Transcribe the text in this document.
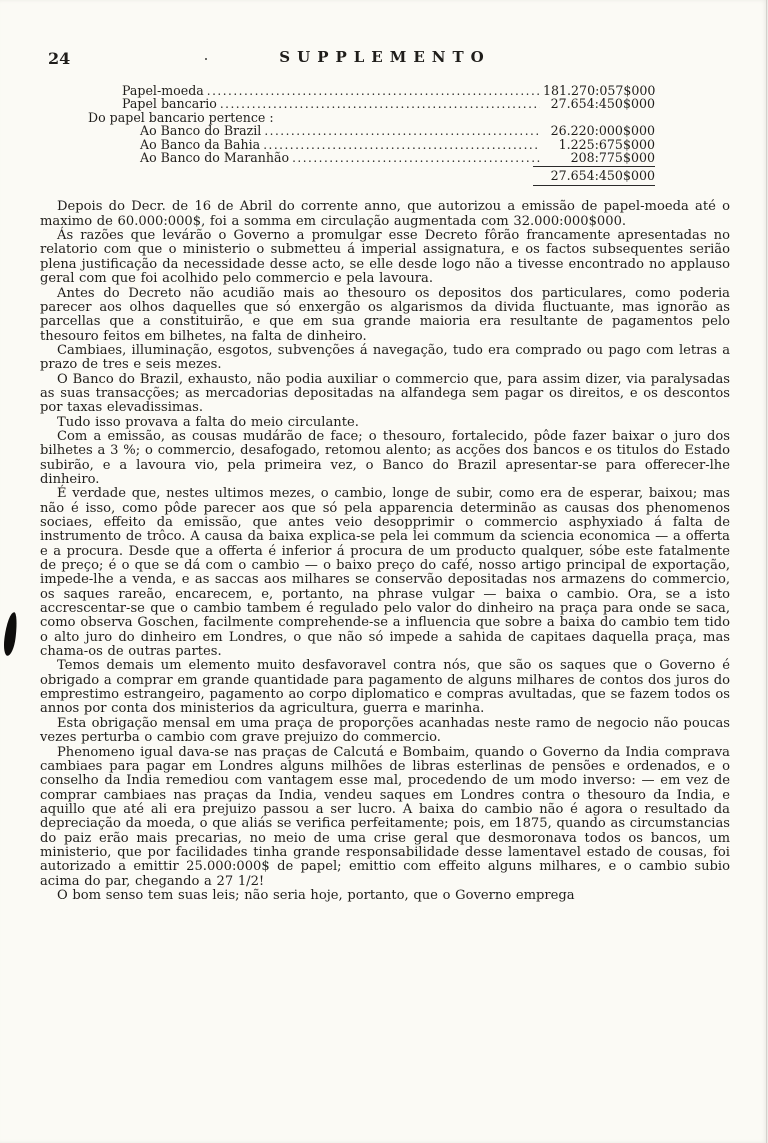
24	SUPPLEMENTO
Papel-moeda .....	181.270:057$000
Papel bancario .....	27.654:450$000
Do papel bancario pertence :
Ao Banco do Brazil .....	26.220:000$000
Ao Banco da Bahia .....	1.225:675$000
Ao Banco do Maranhão .....	208:775$000
27.654:450$000

Depois do Decr. de 16 de Abril do corrente anno, que autorizou a emissão de papel-moeda até o maximo de 60.000:000$, foi a somma em circulação augmentada com 32.000:000$000.

Ás razões que levárão o Governo a promulgar esse Decreto fôrão francamente apresentadas no relatorio com que o ministerio o submetteu á imperial assignatura, e os factos subsequentes serião plena justificação da necessidade desse acto, se elle desde logo não a tivesse encontrado no applauso geral com que foi acolhido pelo commercio e pela lavoura.

Antes do Decreto não acudião mais ao thesouro os depositos dos particulares, como poderia parecer aos olhos daquelles que só enxergão os algarismos da divida fluctuante, mas ignorão as parcellas que a constituirão, e que em sua grande maioria era resultante de pagamentos pelo thesouro feitos em bilhetes, na falta de dinheiro.

Cambiaes, illuminação, esgotos, subvenções á navegação, tudo era comprado ou pago com letras a prazo de tres e seis mezes.

O Banco do Brazil, exhausto, não podia auxiliar o commercio que, para assim dizer, via paralysadas as suas transacções; as mercadorias depositadas na alfandega sem pagar os direitos, e os descontos por taxas elevadissimas.

Tudo isso provava a falta do meio circulante.

Com a emissão, as cousas mudárão de face; o thesouro, fortalecido, pôde fazer baixar o juro dos bilhetes a 3 %; o commercio, desafogado, retomou alento; as acções dos bancos e os titulos do Estado subirão, e a lavoura vio, pela primeira vez, o Banco do Brazil apresentar-se para offerecer-lhe dinheiro.

É verdade que, nestes ultimos mezes, o cambio, longe de subir, como era de esperar, baixou; mas não é isso, como pôde parecer aos que só pela apparencia determinão as causas dos phenomenos sociaes, effeito da emissão, que antes veio desopprimir o commercio asphyxiado á falta de instrumento de trôco. A causa da baixa explica-se pela lei commum da sciencia economica — a offerta e a procura. Desde que a offerta é inferior á procura de um producto qualquer, sóbe este fatalmente de preço; é o que se dá com o cambio — o baixo preço do café, nosso artigo principal de exportação, impede-lhe a venda, e as saccas aos milhares se conservão depositadas nos armazens do commercio, os saques rareão, encarecem, e, portanto, na phrase vulgar — baixa o cambio. Ora, se a isto accrescentar-se que o cambio tambem é regulado pelo valor do dinheiro na praça para onde se saca, como observa Goschen, facilmente comprehende-se a influencia que sobre a baixa do cambio tem tido o alto juro do dinheiro em Londres, o que não só impede a sahida de capitaes daquella praça, mas chama-os de outras partes.

Temos demais um elemento muito desfavoravel contra nós, que são os saques que o Governo é obrigado a comprar em grande quantidade para pagamento de alguns milhares de contos dos juros do emprestimo estrangeiro, pagamento ao corpo diplomatico e compras avultadas, que se fazem todos os annos por conta dos ministerios da agricultura, guerra e marinha.

Esta obrigação mensal em uma praça de proporções acanhadas neste ramo de negocio não poucas vezes perturba o cambio com grave prejuizo do commercio.

Phenomeno igual dava-se nas praças de Calcutá e Bombaim, quando o Governo da India comprava cambiaes para pagar em Londres alguns milhões de libras esterlinas de pensões e ordenados, e o conselho da India remediou com vantagem esse mal, procedendo de um modo inverso: — em vez de comprar cambiaes nas praças da India, vendeu saques em Londres contra o thesouro da India, e aquillo que até ali era prejuizo passou a ser lucro. A baixa do cambio não é agora o resultado da depreciação da moeda, o que aliás se verifica perfeitamente; pois, em 1875, quando as circumstancias do paiz erão mais precarias, no meio de uma crise geral que desmoronava todos os bancos, um ministerio, que por facilidades tinha grande responsabilidade desse lamentavel estado de cousas, foi autorizado a emittir 25.000:000$ de papel; emittio com effeito alguns milhares, e o cambio subio acima do par, chegando a 27 1/2!

O bom senso tem suas leis; não seria hoje, portanto, que o Governo emprega
